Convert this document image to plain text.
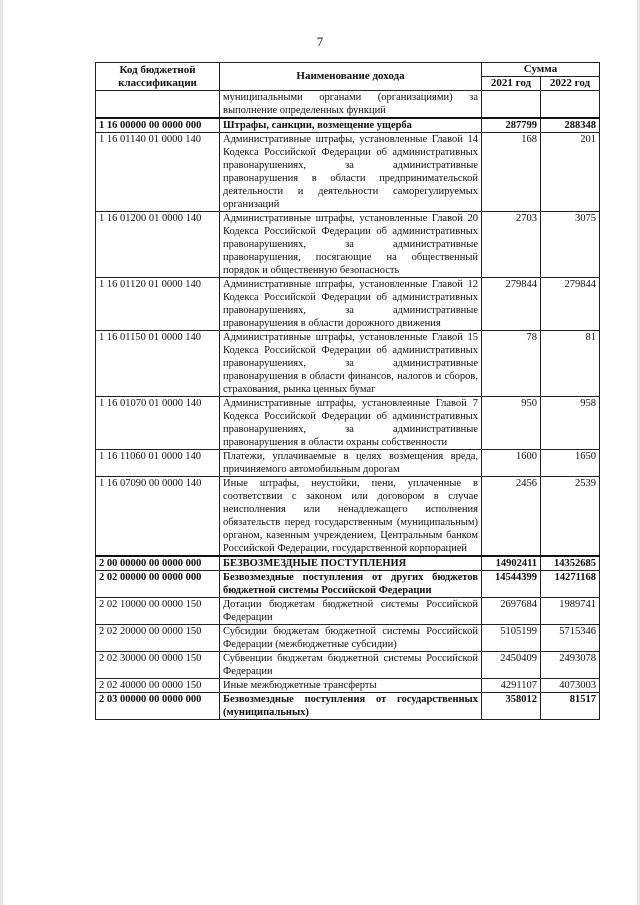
7
Код бюджетной классификации	Наименование дохода	Сумма	
		2021 год	2022 год
	муниципальными органами (организациями) за выполнение определенных функций		
1 16 00000 00 0000 000	Штрафы, санкции, возмещение ущерба	287799	288348
1 16 01140 01 0000 140	Административные штрафы, установленные Главой 14 Кодекса Российской Федерации об административных правонарушениях, за административные правонарушения в области предпринимательской деятельности и деятельности саморегулируемых организаций	168	201
1 16 01200 01 0000 140	Административные штрафы, установленные Главой 20 Кодекса Российской Федерации об административных правонарушениях, за административные правонарушения, посягающие на общественный порядок и общественную безопасность	2703	3075
1 16 01120 01 0000 140	Административные штрафы, установленные Главой 12 Кодекса Российской Федерации об административных правонарушениях, за административные правонарушения в области дорожного движения	279844	279844
1 16 01150 01 0000 140	Административные штрафы, установленные Главой 15 Кодекса Российской Федерации об административных правонарушениях, за административные правонарушения в области финансов, налогов и сборов, страхования, рынка ценных бумаг	78	81
1 16 01070 01 0000 140	Административные штрафы, установленные Главой 7 Кодекса Российской Федерации об административных правонарушениях, за административные правонарушения в области охраны собственности	950	958
1 16 11060 01 0000 140	Платежи, уплачиваемые в целях возмещения вреда, причиняемого автомобильным дорогам	1600	1650
1 16 07090 00 0000 140	Иные штрафы, неустойки, пени, уплаченные в соответствии с законом или договором в случае неисполнения или ненадлежащего исполнения обязательств перед государственным (муниципальным) органом, казенным учреждением, Центральным банком Российской Федерации, государственной корпорацией	2456	2539
2 00 00000 00 0000 000	БЕЗВОЗМЕЗДНЫЕ ПОСТУПЛЕНИЯ	14902411	14352685
2 02 00000 00 0000 000	Безвозмездные поступления от других бюджетов бюджетной системы Российской Федерации	14544399	14271168
2 02 10000 00 0000 150	Дотации бюджетам бюджетной системы Российской Федерации	2697684	1989741
2 02 20000 00 0000 150	Субсидии бюджетам бюджетной системы Российской Федерации (межбюджетные субсидии)	5105199	5715346
2 02 30000 00 0000 150	Субвенции бюджетам бюджетной системы Российской Федерации	2450409	2493078
2 02 40000 00 0000 150	Иные межбюджетные трансферты	4291107	4073003
2 03 00000 00 0000 000	Безвозмездные поступления от государственных (муниципальных)	358012	81517
